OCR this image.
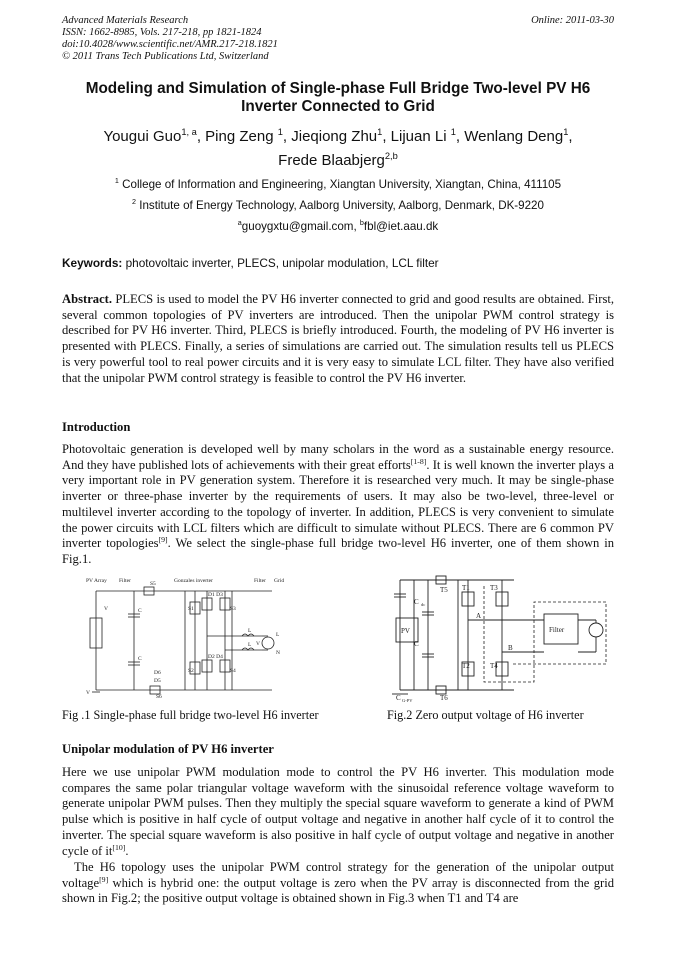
Advanced Materials Research
ISSN: 1662-8985, Vols. 217-218, pp 1821-1824
doi:10.4028/www.scientific.net/AMR.217-218.1821
© 2011 Trans Tech Publications Ltd, Switzerland
Online: 2011-03-30
Modeling and Simulation of Single-phase Full Bridge Two-level PV H6 Inverter Connected to Grid
Yougui Guo$^{1, a}$, Ping Zeng $^1$, Jieqiong Zhu$^1$, Lijuan Li $^1$, Wenlang Deng$^1$,
Frede Blaabjerg$^{2,b}$
$^1$ College of Information and Engineering, Xiangtan University, Xiangtan, China, 411105
$^2$ Institute of Energy Technology, Aalborg University, Aalborg, Denmark, DK-9220
$^a$guoygxtu@gmail.com, $^b$fbl@iet.aau.dk
Keywords: photovoltaic inverter, PLECS, unipolar modulation, LCL filter
Abstract. PLECS is used to model the PV H6 inverter connected to grid and good results are obtained. First, several common topologies of PV inverters are introduced. Then the unipolar PWM control strategy is described for PV H6 inverter. Third, PLECS is briefly introduced. Fourth, the modeling of PV H6 inverter is presented with PLECS. Finally, a series of simulations are carried out. The simulation results tell us PLECS is very powerful tool to real power circuits and it is very easy to simulate LCL filter. They have also verified that the unipolar PWM control strategy is feasible to control the PV H6 inverter.
Introduction
Photovoltaic generation is developed well by many scholars in the word as a sustainable energy resource. And they have published lots of achievements with their great efforts[1-8]. It is well known the inverter plays a very important role in PV generation system. Therefore it is researched very much. It may be single-phase inverter or three-phase inverter by the requirements of users. It may also be two-level, three-level or multilevel inverter according to the topology of inverter. In addition, PLECS is very convenient to simulate the power circuits with LCL filters which are difficult to simulate without PLECS. There are 6 common PV inverter topologies[9]. We select the single-phase full bridge two-level H6 inverter, one of them shown in Fig.1.
PV Array Filter	Gonzales inverter	Filter Grid
S5
S1	S3
S2	S4
S6
D5
D6
D1 D3
D2 D4
V	C
C
V
L
L
L
N
V
T5 T1	T3
T2	T4
T6
A
B
PV
C
C
C
Filter
dc
G-PV
Fig .1 Single-phase full bridge two-level H6 inverter	Fig.2 Zero output voltage of H6 inverter
Unipolar modulation of PV H6 inverter
Here we use unipolar PWM modulation mode to control the PV H6 inverter. This modulation mode compares the same polar triangular voltage waveform with the sinusoidal reference voltage waveform to generate unipolar PWM pulses. Then they multiply the special square waveform to generate a kind of PWM pulse which is positive in half cycle of output voltage and negative in another half cycle of it to control the inverter. The special square waveform is also positive in half cycle of output voltage and negative in another cycle of it[10].
The H6 topology uses the unipolar PWM control strategy for the generation of the unipolar output voltage[9] which is hybrid one: the output voltage is zero when the PV array is disconnected from the grid shown in Fig.2; the positive output voltage is obtained shown in Fig.3 when T1 and T4 are
